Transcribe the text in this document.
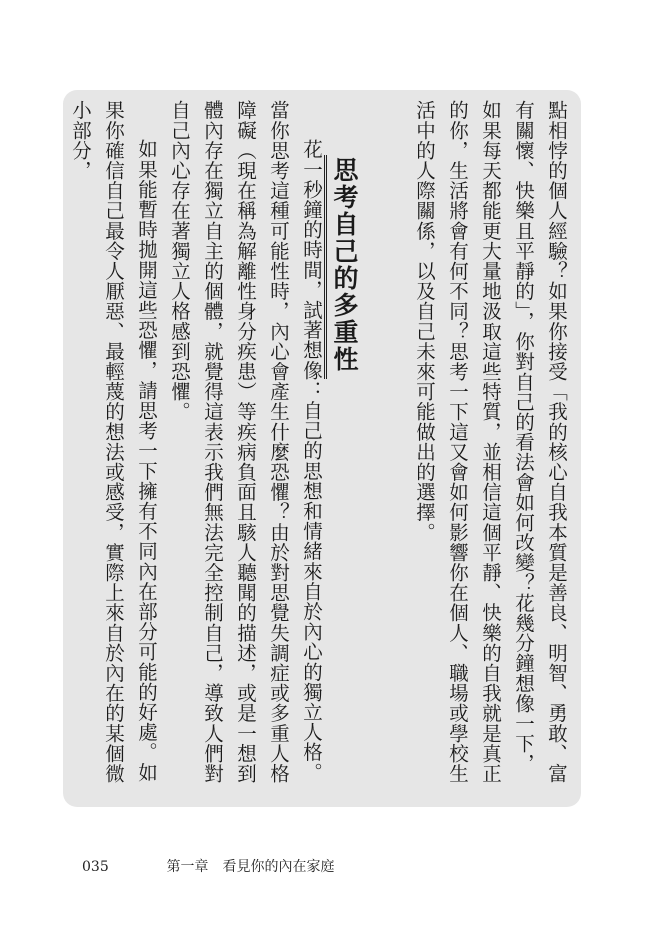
點相悖的個人經驗？如果你接受「我的核心自我本質是善良、明智、勇敢、富有關懷、快樂且平靜的」，你對自己的看法會如何改變？花幾分鐘想像一下，如果每天都能更大量地汲取這些特質，並相信這個平靜、快樂的自我就是真正的你，生活將會有何不同？思考一下這又會如何影響你在個人、職場或學校生活中的人際關係，以及自己未來可能做出的選擇。

思考自己的多重性

花一秒鐘的時間，試著想像：自己的思想和情緒來自於內心的獨立人格。當你思考這種可能性時，內心會產生什麼恐懼？由於對思覺失調症或多重人格障礙（現在稱為解離性身分疾患）等疾病負面且駭人聽聞的描述，或是一想到體內存在獨立自主的個體，就覺得這表示我們無法完全控制自己，導致人們對自己內心存在著獨立人格感到恐懼。

如果能暫時拋開這些恐懼，請思考一下擁有不同內在部分可能的好處。如果你確信自己最令人厭惡、最輕蔑的想法或感受，實際上來自於內在的某個微小部分，

035	第一章　看見你的內在家庭
